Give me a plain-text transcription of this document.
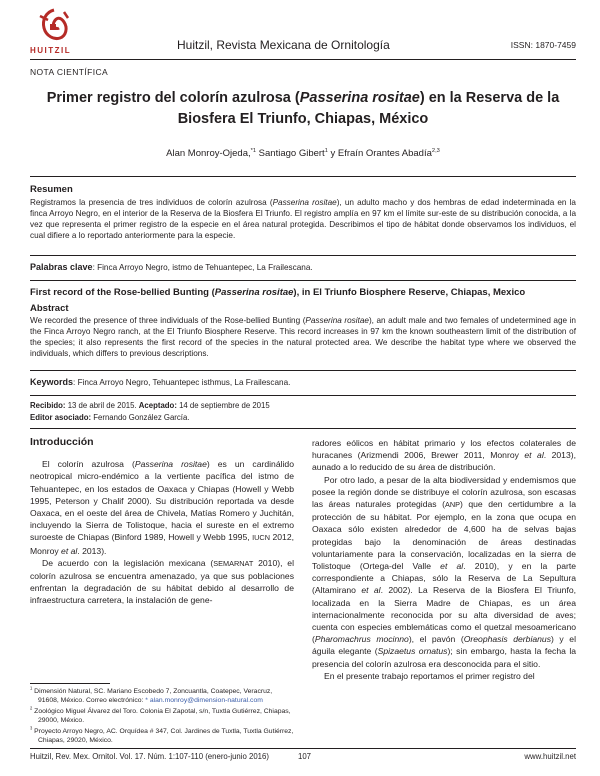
HUITZIL	Huitzil, Revista Mexicana de Ornitología	ISSN: 1870-7459
NOTA CIENTÍFICA
Primer registro del colorín azulrosa (Passerina rositae) en la Reserva de la
Biosfera El Triunfo, Chiapas, México
Alan Monroy-Ojeda,$^{*1}$ Santiago Gibert$^1$ y Efraín Orantes Abadía$^{2,3}$
Resumen
Registramos la presencia de tres individuos de colorín azulrosa (Passerina rositae), un adulto macho y dos hembras de edad indeterminada en la finca Arroyo Negro, en el interior de la Reserva de la Biosfera El Triunfo. El registro amplía en 97 km el límite sur-este de su distribución conocida, a la vez que representa el primer registro de la especie en el área natural protegida. Describimos el tipo de hábitat donde observamos los individuos, el cual difiere a lo reportado anteriormente para la especie.
Palabras clave: Finca Arroyo Negro, istmo de Tehuantepec, La Frailescana.
First record of the Rose-bellied Bunting (Passerina rositae), in El Triunfo Biosphere Reserve, Chiapas, Mexico
Abstract
We recorded the presence of three individuals of the Rose-bellied Bunting (Passerina rositae), an adult male and two females of undetermined age in the Finca Arroyo Negro ranch, at the El Triunfo Biosphere Reserve. This record increases in 97 km the known southeastern limit of the distribution of the species; it also represents the first record of the species in the natural protected area. We describe the habitat type where we observed the individuals, which differs to previous descriptions.
Keywords: Finca Arroyo Negro, Tehuantepec isthmus, La Frailescana.
Recibido: 13 de abril de 2015. Aceptado: 14 de septiembre de 2015
Editor asociado: Fernando González García.
Introducción

El colorín azulrosa (Passerina rositae) es un cardinálido neotropical micro-endémico a la vertiente pacífica del istmo de Tehuantepec, en los estados de Oaxaca y Chiapas (Howell y Webb 1995, Peterson y Chalif 2000). Su distribución reportada va desde Oaxaca, en el oeste del área de Chivela, Matías Romero y Juchitán, incluyendo la Sierra de Tolistoque, hacia el sureste en el extremo suroeste de Chiapas (Binford 1989, Howell y Webb 1995, IUCN 2012, Monroy et al. 2013).

De acuerdo con la legislación mexicana (SEMARNAT 2010), el colorín azulrosa se encuentra amenazado, ya que sus poblaciones enfrentan la degradación de su hábitat debido al desarrollo de infraestructura carretera, la instalación de gene-

radores eólicos en hábitat primario y los efectos colaterales de huracanes (Arizmendi 2006, Brewer 2011, Monroy et al. 2013), aunado a lo reducido de su área de distribución.

Por otro lado, a pesar de la alta biodiversidad y endemismos que posee la región donde se distribuye el colorín azulrosa, son escasas las áreas naturales protegidas (ANP) que den certidumbre a la protección de su hábitat. Por ejemplo, en la zona que ocupa en Oaxaca sólo existen alrededor de 4,600 ha de selvas bajas protegidas bajo la denominación de áreas destinadas voluntariamente para la conservación, localizadas en la sierra de Tolistoque (Ortega-del Valle et al. 2010), y en la parte correspondiente a Chiapas, sólo la Reserva de La Sepultura (Altamirano et al. 2002). La Reserva de la Biosfera El Triunfo, localizada en la Sierra Madre de Chiapas, es un área internacionalmente reconocida por su alta diversidad de aves; cuenta con especies emblemáticas como el quetzal mesoamericano (Pharomachrus mocinno), el pavón (Oreophasis derbianus) y el águila elegante (Spizaetus ornatus); sin embargo, hasta la fecha la presencia del colorín azulrosa era desconocida para el sitio.

En el presente trabajo reportamos el primer registro del

$^1$ Dimensión Natural, SC. Mariano Escobedo 7, Zoncuantla, Coatepec, Veracruz, 91608, México. Correo electrónico: * alan.monroy@dimension-natural.com
$^2$ Zoológico Miguel Álvarez del Toro. Colonia El Zapotal, s/n, Tuxtla Gutiérrez, Chiapas, 29000, México.
$^3$ Proyecto Arroyo Negro, AC. Orquídea # 347, Col. Jardines de Tuxtla, Tuxtla Gutiérrez, Chiapas, 29020, México.
Huitzil, Rev. Mex. Ornitol. Vol. 17. Núm. 1:107-110 (enero-junio 2016)	107	www.huitzil.net
